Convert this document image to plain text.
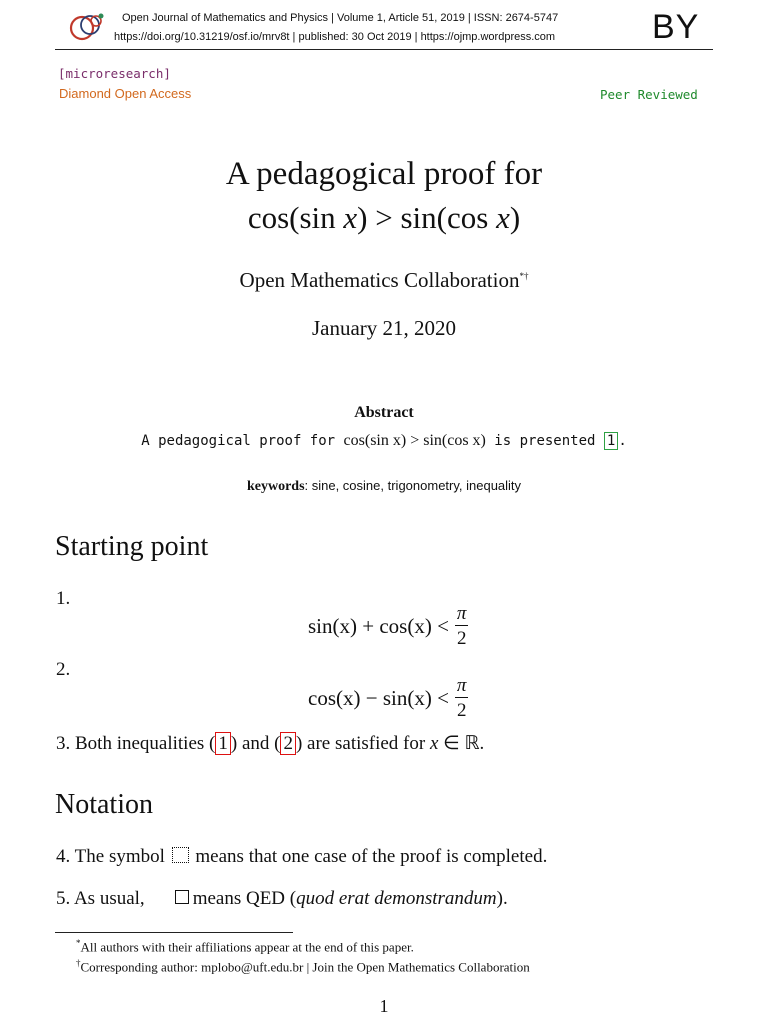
Open Journal of Mathematics and Physics | Volume 1, Article 51, 2019 | ISSN: 2674-5747
https://doi.org/10.31219/osf.io/mrv8t | published: 30 Oct 2019 | https://ojmp.wordpress.com	BY
[microresearch]
Diamond Open Access	Peer Reviewed
A pedagogical proof for
cos(sin x) > sin(cos x)
Open Mathematics Collaboration*†
January 21, 2020
Abstract
A pedagogical proof for cos(sin x) > sin(cos x) is presented 1 .
keywords: sine, cosine, trigonometry, inequality
Starting point
1.
$\sin(x) + \cos(x) < \frac{\pi}{2}$
2.
$\cos(x) - \sin(x) < \frac{\pi}{2}$
3. Both inequalities ( 1 ) and ( 2 ) are satisfied for x ∈ ℝ.
Notation
4. The symbol  means that one case of the proof is completed.
5. As usual,	means QED (quod erat demonstrandum).
*All authors with their affiliations appear at the end of this paper.
†Corresponding author: mplobo@uft.edu.br | Join the Open Mathematics Collaboration
1
